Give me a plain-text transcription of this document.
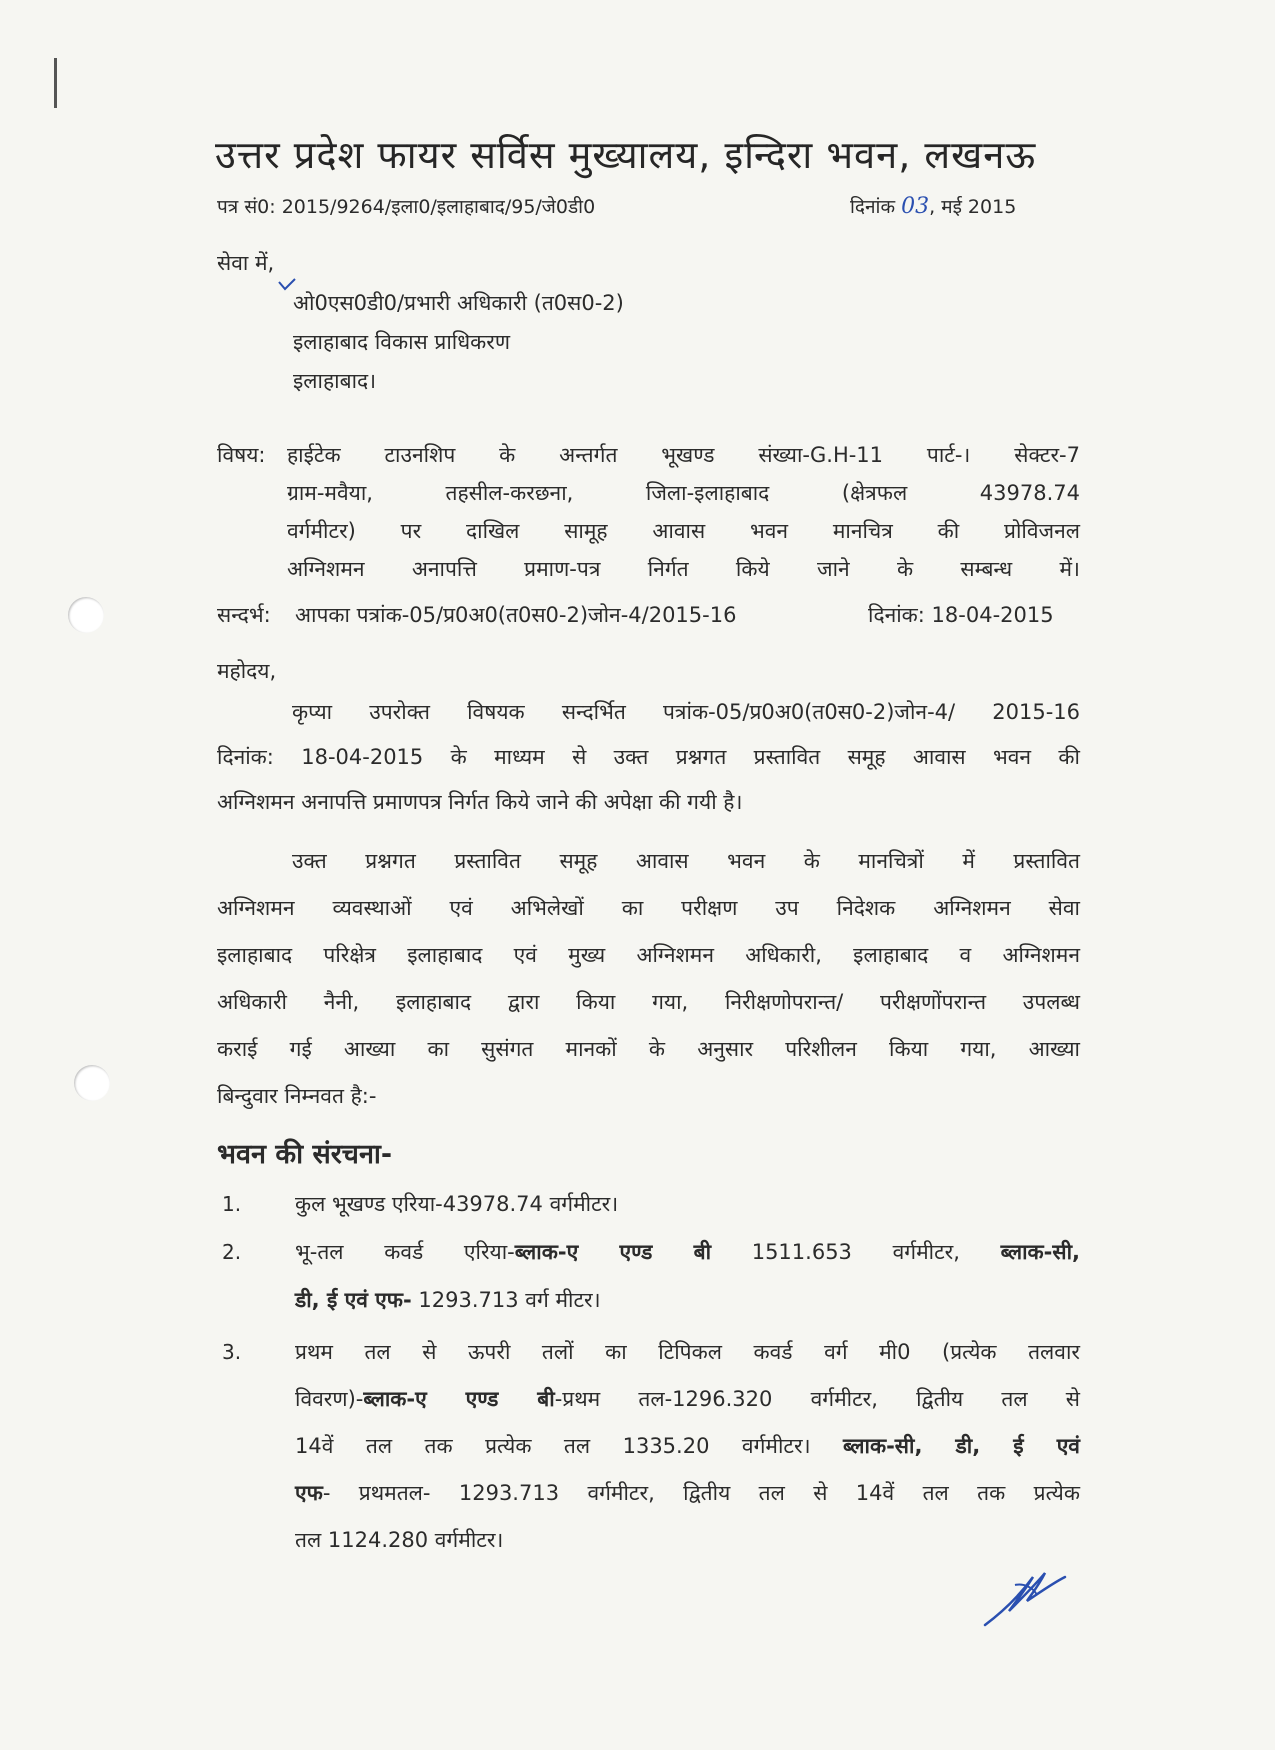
उत्तर प्रदेश फायर सर्विस मुख्यालय, इन्दिरा भवन, लखनऊ
पत्र सं0: 2015/9264/इला0/इलाहाबाद/95/जे0डी0	दिनांक 03, मई 2015
सेवा में,
ओ0एस0डी0/प्रभारी अधिकारी (त0स0-2)
इलाहाबाद विकास प्राधिकरण
इलाहाबाद।
विषय: हाईटेक टाउनशिप के अन्तर्गत भूखण्ड संख्या-G.H-11 पार्ट-। सेक्टर-7
ग्राम-मवैया, तहसील-करछना, जिला-इलाहाबाद (क्षेत्रफल 43978.74
वर्गमीटर) पर दाखिल सामूह आवास भवन मानचित्र की प्रोविजनल
अग्निशमन अनापत्ति प्रमाण-पत्र निर्गत किये जाने के सम्बन्ध में।
सन्दर्भ: आपका पत्रांक-05/प्र0अ0(त0स0-2)जोन-4/2015-16	दिनांक: 18-04-2015
महोदय,
कृप्या उपरोक्त विषयक सन्दर्भित पत्रांक-05/प्र0अ0(त0स0-2)जोन-4/ 2015-16
दिनांक: 18-04-2015 के माध्यम से उक्त प्रश्नगत प्रस्तावित समूह आवास भवन की
अग्निशमन अनापत्ति प्रमाणपत्र निर्गत किये जाने की अपेक्षा की गयी है।
उक्त प्रश्नगत प्रस्तावित समूह आवास भवन के मानचित्रों में प्रस्तावित
अग्निशमन व्यवस्थाओं एवं अभिलेखों का परीक्षण उप निदेशक अग्निशमन सेवा
इलाहाबाद परिक्षेत्र इलाहाबाद एवं मुख्य अग्निशमन अधिकारी, इलाहाबाद व अग्निशमन
अधिकारी नैनी, इलाहाबाद द्वारा किया गया, निरीक्षणोपरान्त/ परीक्षणोंपरान्त उपलब्ध
कराई गई आख्या का सुसंगत मानकों के अनुसार परिशीलन किया गया, आख्या
बिन्दुवार निम्नवत है:-
भवन की संरचना-
1.	कुल भूखण्ड एरिया-43978.74 वर्गमीटर।
2.	भू-तल कवर्ड एरिया-ब्लाक-ए एण्ड बी 1511.653 वर्गमीटर, ब्लाक-सी,
डी, ई एवं एफ- 1293.713 वर्ग मीटर।
3.	प्रथम तल से ऊपरी तलों का टिपिकल कवर्ड वर्ग मी0 (प्रत्येक तलवार
विवरण)-ब्लाक-ए एण्ड बी-प्रथम तल-1296.320 वर्गमीटर, द्वितीय तल से
14वें तल तक प्रत्येक तल 1335.20 वर्गमीटर। ब्लाक-सी, डी, ई एवं
एफ- प्रथमतल- 1293.713 वर्गमीटर, द्वितीय तल से 14वें तल तक प्रत्येक
तल 1124.280 वर्गमीटर।
